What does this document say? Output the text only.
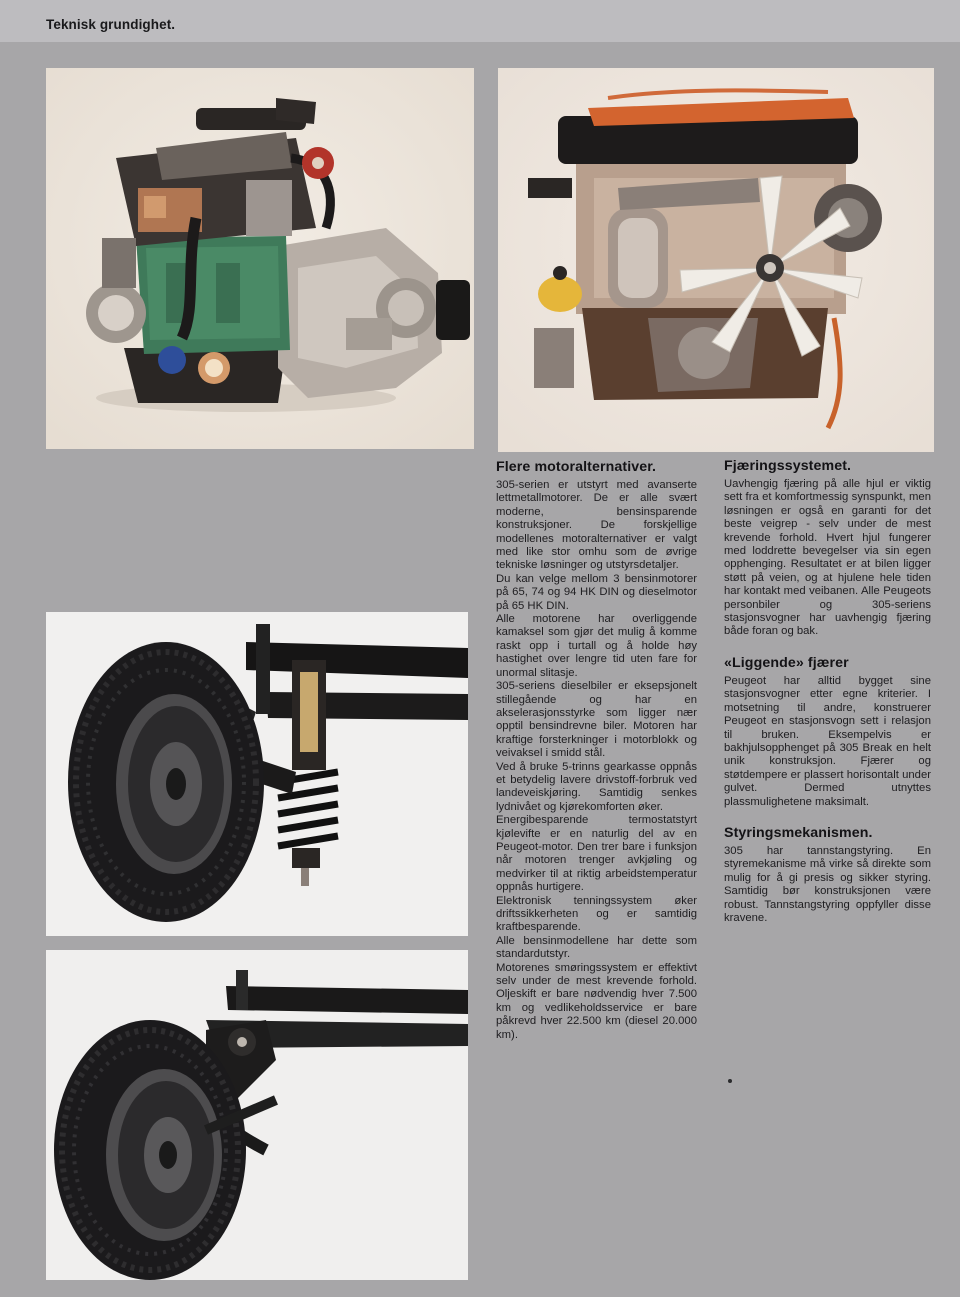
Teknisk grundighet.
Flere motoralternativer.

305-serien er utstyrt med avanserte lettmetallmotorer. De er alle svært moderne, bensinsparende konstruksjoner. De forskjellige modellenes motoralternativer er valgt med like stor omhu som de øvrige tekniske løsninger og utstyrsdetaljer.

Du kan velge mellom 3 bensinmotorer på 65, 74 og 94 HK DIN og dieselmotor på 65 HK DIN.

Alle motorene har overliggende kamaksel som gjør det mulig å komme raskt opp i turtall og å holde høy hastighet over lengre tid uten fare for unormal slitasje.

305-seriens dieselbiler er eksepsjonelt stillegående og har en akselerasjonsstyrke som ligger nær opptil bensindrevne biler. Motoren har kraftige forsterkninger i motorblokk og veivaksel i smidd stål.

Ved å bruke 5-trinns gearkasse oppnås et betydelig lavere drivstoff-forbruk ved landeveiskjøring. Samtidig senkes lydnivået og kjørekomforten øker.

Energibesparende termostatstyrt kjølevifte er en naturlig del av en Peugeot-motor. Den trer bare i funksjon når motoren trenger avkjøling og medvirker til at riktig arbeidstemperatur oppnås hurtigere.

Elektronisk tenningssystem øker driftssikkerheten og er samtidig kraftbesparende.

Alle bensinmodellene har dette som standardutstyr.

Motorenes smøringssystem er effektivt selv under de mest krevende forhold. Oljeskift er bare nødvendig hver 7.500 km og vedlikeholdsservice er bare påkrevd hver 22.500 km (diesel 20.000 km).

Fjæringssystemet.

Uavhengig fjæring på alle hjul er viktig sett fra et komfortmessig synspunkt, men løsningen er også en garanti for det beste veigrep - selv under de mest krevende forhold. Hvert hjul fungerer med loddrette bevegelser via sin egen opphenging. Resultatet er at bilen ligger støtt på veien, og at hjulene hele tiden har kontakt med veibanen. Alle Peugeots personbiler og 305-seriens stasjonsvogner har uavhengig fjæring både foran og bak.

«Liggende» fjærer

Peugeot har alltid bygget sine stasjonsvogner etter egne kriterier. I motsetning til andre, konstruerer Peugeot en stasjonsvogn sett i relasjon til bruken. Eksempelvis er bakhjulsopphenget på 305 Break en helt unik konstruksjon. Fjærer og støtdempere er plassert horisontalt under gulvet. Dermed utnyttes plassmulighetene maksimalt.

Styringsmekanismen.

305 har tannstangstyring. En styremekanisme må virke så direkte som mulig for å gi presis og sikker styring. Samtidig bør konstruksjonen være robust. Tannstangstyring oppfyller disse kravene.
